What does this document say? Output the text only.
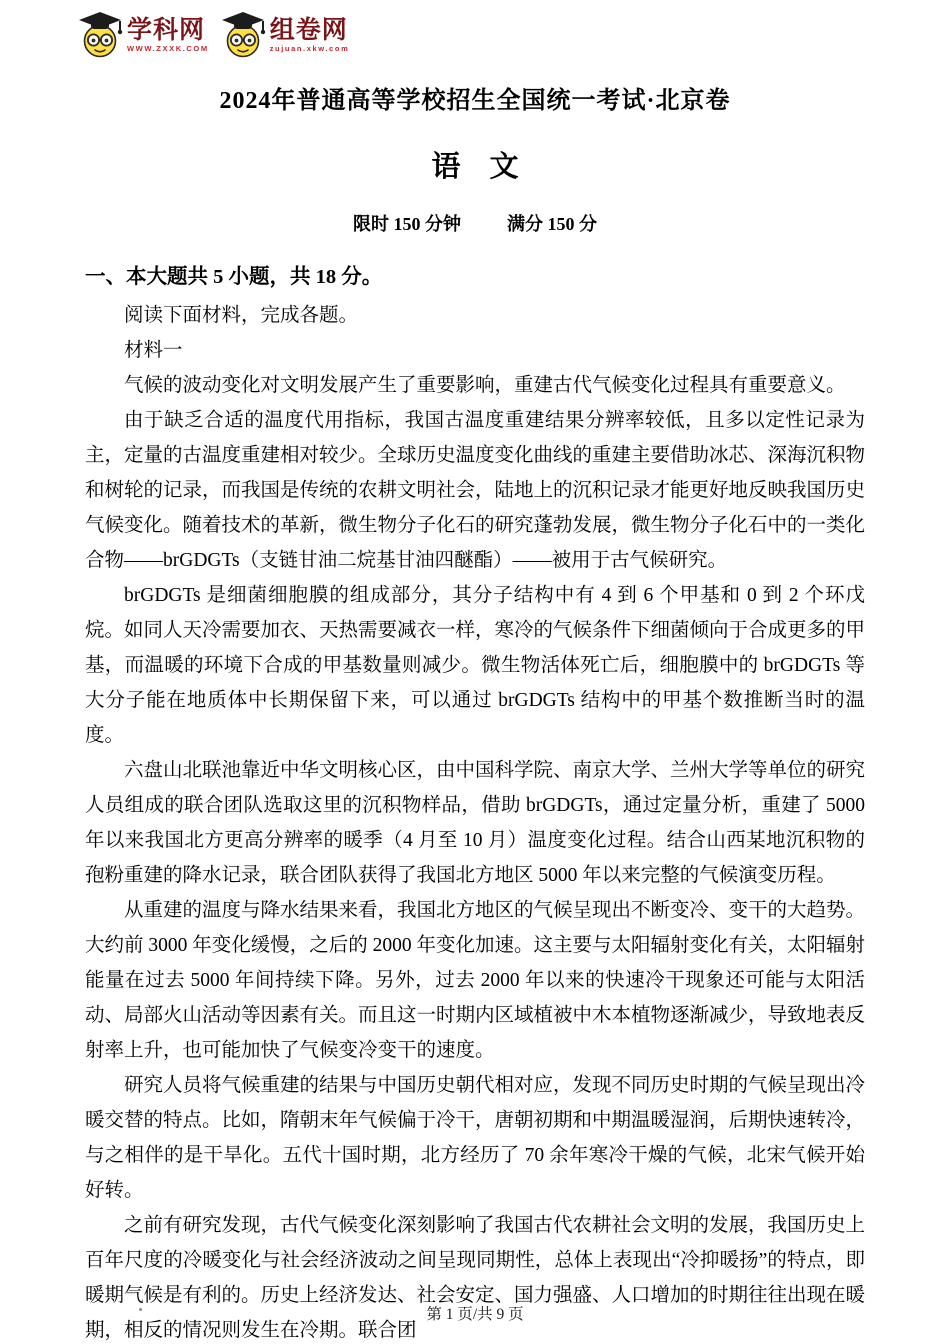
学科网
WWW.ZXXK.COM
组卷网
zujuan.xkw.com
2024年普通高等学校招生全国统一考试·北京卷
语　文
限时 150 分钟	满分 150 分
一、本大题共 5 小题，共 18 分。

阅读下面材料，完成各题。

材料一

气候的波动变化对文明发展产生了重要影响，重建古代气候变化过程具有重要意义。

由于缺乏合适的温度代用指标，我国古温度重建结果分辨率较低，且多以定性记录为主，定量的古温度重建相对较少。全球历史温度变化曲线的重建主要借助冰芯、深海沉积物和树轮的记录，而我国是传统的农耕文明社会，陆地上的沉积记录才能更好地反映我国历史气候变化。随着技术的革新，微生物分子化石的研究蓬勃发展，微生物分子化石中的一类化合物——brGDGTs（支链甘油二烷基甘油四醚酯）——被用于古气候研究。

brGDGTs 是细菌细胞膜的组成部分，其分子结构中有 4 到 6 个甲基和 0 到 2 个环戊烷。如同人天冷需要加衣、天热需要减衣一样，寒冷的气候条件下细菌倾向于合成更多的甲基，而温暖的环境下合成的甲基数量则减少。微生物活体死亡后，细胞膜中的 brGDGTs 等大分子能在地质体中长期保留下来，可以通过 brGDGTs 结构中的甲基个数推断当时的温度。

六盘山北联池靠近中华文明核心区，由中国科学院、南京大学、兰州大学等单位的研究人员组成的联合团队选取这里的沉积物样品，借助 brGDGTs，通过定量分析，重建了 5000 年以来我国北方更高分辨率的暖季（4 月至 10 月）温度变化过程。结合山西某地沉积物的孢粉重建的降水记录，联合团队获得了我国北方地区 5000 年以来完整的气候演变历程。

从重建的温度与降水结果来看，我国北方地区的气候呈现出不断变冷、变干的大趋势。大约前 3000 年变化缓慢，之后的 2000 年变化加速。这主要与太阳辐射变化有关，太阳辐射能量在过去 5000 年间持续下降。另外，过去 2000 年以来的快速冷干现象还可能与太阳活动、局部火山活动等因素有关。而且这一时期内区域植被中木本植物逐渐减少，导致地表反射率上升，也可能加快了气候变冷变干的速度。

研究人员将气候重建的结果与中国历史朝代相对应，发现不同历史时期的气候呈现出冷暖交替的特点。比如，隋朝末年气候偏于冷干，唐朝初期和中期温暖湿润，后期快速转冷，与之相伴的是干旱化。五代十国时期，北方经历了 70 余年寒冷干燥的气候，北宋气候开始好转。

之前有研究发现，古代气候变化深刻影响了我国古代农耕社会文明的发展，我国历史上百年尺度的冷暖变化与社会经济波动之间呈现同期性，总体上表现出“冷抑暖扬”的特点，即暖期气候是有利的。历史上经济发达、社会安定、国力强盛、人口增加的时期往往出现在暖期，相反的情况则发生在冷期。联合团

第 1 页/共 9 页
